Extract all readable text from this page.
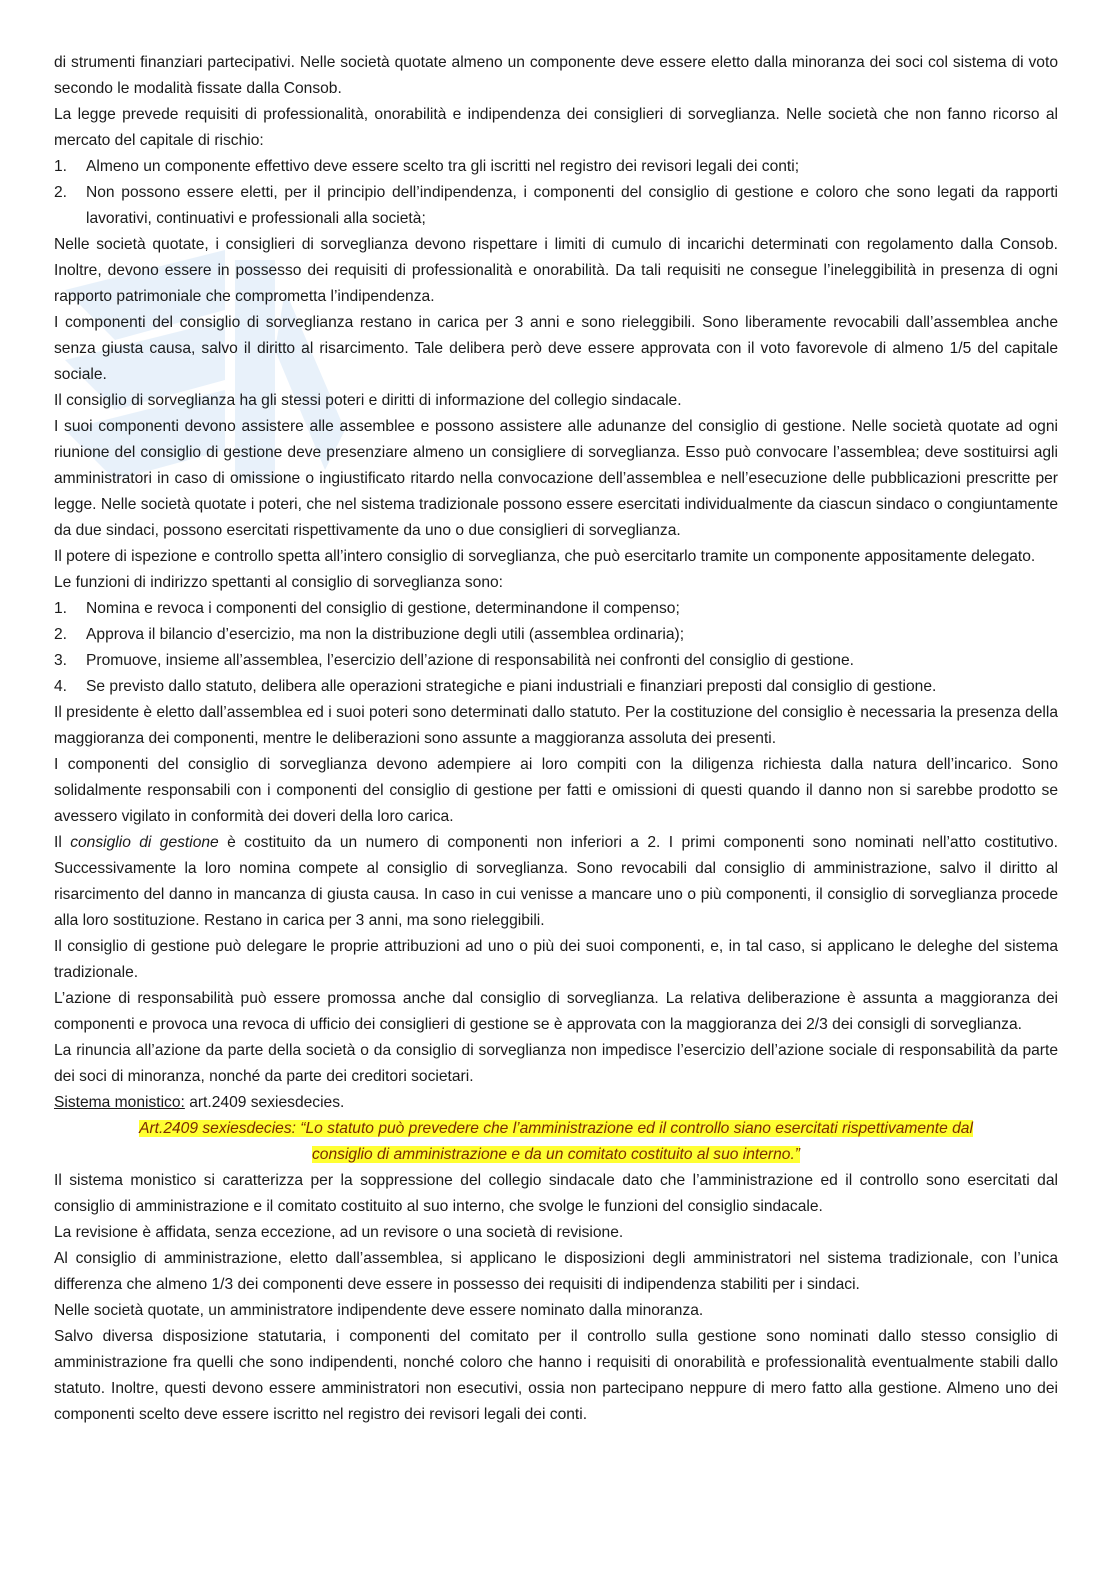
di strumenti finanziari partecipativi. Nelle società quotate almeno un componente deve essere eletto dalla minoranza dei soci col sistema di voto secondo le modalità fissate dalla Consob.

La legge prevede requisiti di professionalità, onorabilità e indipendenza dei consiglieri di sorveglianza. Nelle società che non fanno ricorso al mercato del capitale di rischio:

1.	Almeno un componente effettivo deve essere scelto tra gli iscritti nel registro dei revisori legali dei conti;
2.	Non possono essere eletti, per il principio dell’indipendenza, i componenti del consiglio di gestione e coloro che sono legati da rapporti lavorativi, continuativi e professionali alla società;

Nelle società quotate, i consiglieri di sorveglianza devono rispettare i limiti di cumulo di incarichi determinati con regolamento dalla Consob. Inoltre, devono essere in possesso dei requisiti di professionalità e onorabilità. Da tali requisiti ne consegue l’ineleggibilità in presenza di ogni rapporto patrimoniale che comprometta l’indipendenza.

I componenti del consiglio di sorveglianza restano in carica per 3 anni e sono rieleggibili. Sono liberamente revocabili dall’assemblea anche senza giusta causa, salvo il diritto al risarcimento. Tale delibera però deve essere approvata con il voto favorevole di almeno 1/5 del capitale sociale.

Il consiglio di sorveglianza ha gli stessi poteri e diritti di informazione del collegio sindacale.

I suoi componenti devono assistere alle assemblee e possono assistere alle adunanze del consiglio di gestione. Nelle società quotate ad ogni riunione del consiglio di gestione deve presenziare almeno un consigliere di sorveglianza. Esso può convocare l’assemblea; deve sostituirsi agli amministratori in caso di omissione o ingiustificato ritardo nella convocazione dell’assemblea e nell’esecuzione delle pubblicazioni prescritte per legge. Nelle società quotate i poteri, che nel sistema tradizionale possono essere esercitati individualmente da ciascun sindaco o congiuntamente da due sindaci, possono esercitati rispettivamente da uno o due consiglieri di sorveglianza.

Il potere di ispezione e controllo spetta all’intero consiglio di sorveglianza, che può esercitarlo tramite un componente appositamente delegato.

Le funzioni di indirizzo spettanti al consiglio di sorveglianza sono:

1.	Nomina e revoca i componenti del consiglio di gestione, determinandone il compenso;
2.	Approva il bilancio d’esercizio, ma non la distribuzione degli utili (assemblea ordinaria);
3.	Promuove, insieme all’assemblea, l’esercizio dell’azione di responsabilità nei confronti del consiglio di gestione.
4.	Se previsto dallo statuto, delibera alle operazioni strategiche e piani industriali e finanziari preposti dal consiglio di gestione.

Il presidente è eletto dall’assemblea ed i suoi poteri sono determinati dallo statuto. Per la costituzione del consiglio è necessaria la presenza della maggioranza dei componenti, mentre le deliberazioni sono assunte a maggioranza assoluta dei presenti.

I componenti del consiglio di sorveglianza devono adempiere ai loro compiti con la diligenza richiesta dalla natura dell’incarico. Sono solidalmente responsabili con i componenti del consiglio di gestione per fatti e omissioni di questi quando il danno non si sarebbe prodotto se avessero vigilato in conformità dei doveri della loro carica.

Il consiglio di gestione è costituito da un numero di componenti non inferiori a 2. I primi componenti sono nominati nell’atto costitutivo. Successivamente la loro nomina compete al consiglio di sorveglianza. Sono revocabili dal consiglio di amministrazione, salvo il diritto al risarcimento del danno in mancanza di giusta causa. In caso in cui venisse a mancare uno o più componenti, il consiglio di sorveglianza procede alla loro sostituzione. Restano in carica per 3 anni, ma sono rieleggibili.

Il consiglio di gestione può delegare le proprie attribuzioni ad uno o più dei suoi componenti, e, in tal caso, si applicano le deleghe del sistema tradizionale.

L’azione di responsabilità può essere promossa anche dal consiglio di sorveglianza. La relativa deliberazione è assunta a maggioranza dei componenti e provoca una revoca di ufficio dei consiglieri di gestione se è approvata con la maggioranza dei 2/3 dei consigli di sorveglianza.

La rinuncia all’azione da parte della società o da consiglio di sorveglianza non impedisce l’esercizio dell’azione sociale di responsabilità da parte dei soci di minoranza, nonché da parte dei creditori societari.

Sistema monistico: art.2409 sexiesdecies.

Art.2409 sexiesdecies: “Lo statuto può prevedere che l’amministrazione ed il controllo siano esercitati rispettivamente dal
consiglio di amministrazione e da un comitato costituito al suo interno.”

Il sistema monistico si caratterizza per la soppressione del collegio sindacale dato che l’amministrazione ed il controllo sono esercitati dal consiglio di amministrazione e il comitato costituito al suo interno, che svolge le funzioni del consiglio sindacale.

La revisione è affidata, senza eccezione, ad un revisore o una società di revisione.

Al consiglio di amministrazione, eletto dall’assemblea, si applicano le disposizioni degli amministratori nel sistema tradizionale, con l’unica differenza che almeno 1/3 dei componenti deve essere in possesso dei requisiti di indipendenza stabiliti per i sindaci.

Nelle società quotate, un amministratore indipendente deve essere nominato dalla minoranza.

Salvo diversa disposizione statutaria, i componenti del comitato per il controllo sulla gestione sono nominati dallo stesso consiglio di amministrazione fra quelli che sono indipendenti, nonché coloro che hanno i requisiti di onorabilità e professionalità eventualmente stabili dallo statuto. Inoltre, questi devono essere amministratori non esecutivi, ossia non partecipano neppure di mero fatto alla gestione. Almeno uno dei componenti scelto deve essere iscritto nel registro dei revisori legali dei conti.
